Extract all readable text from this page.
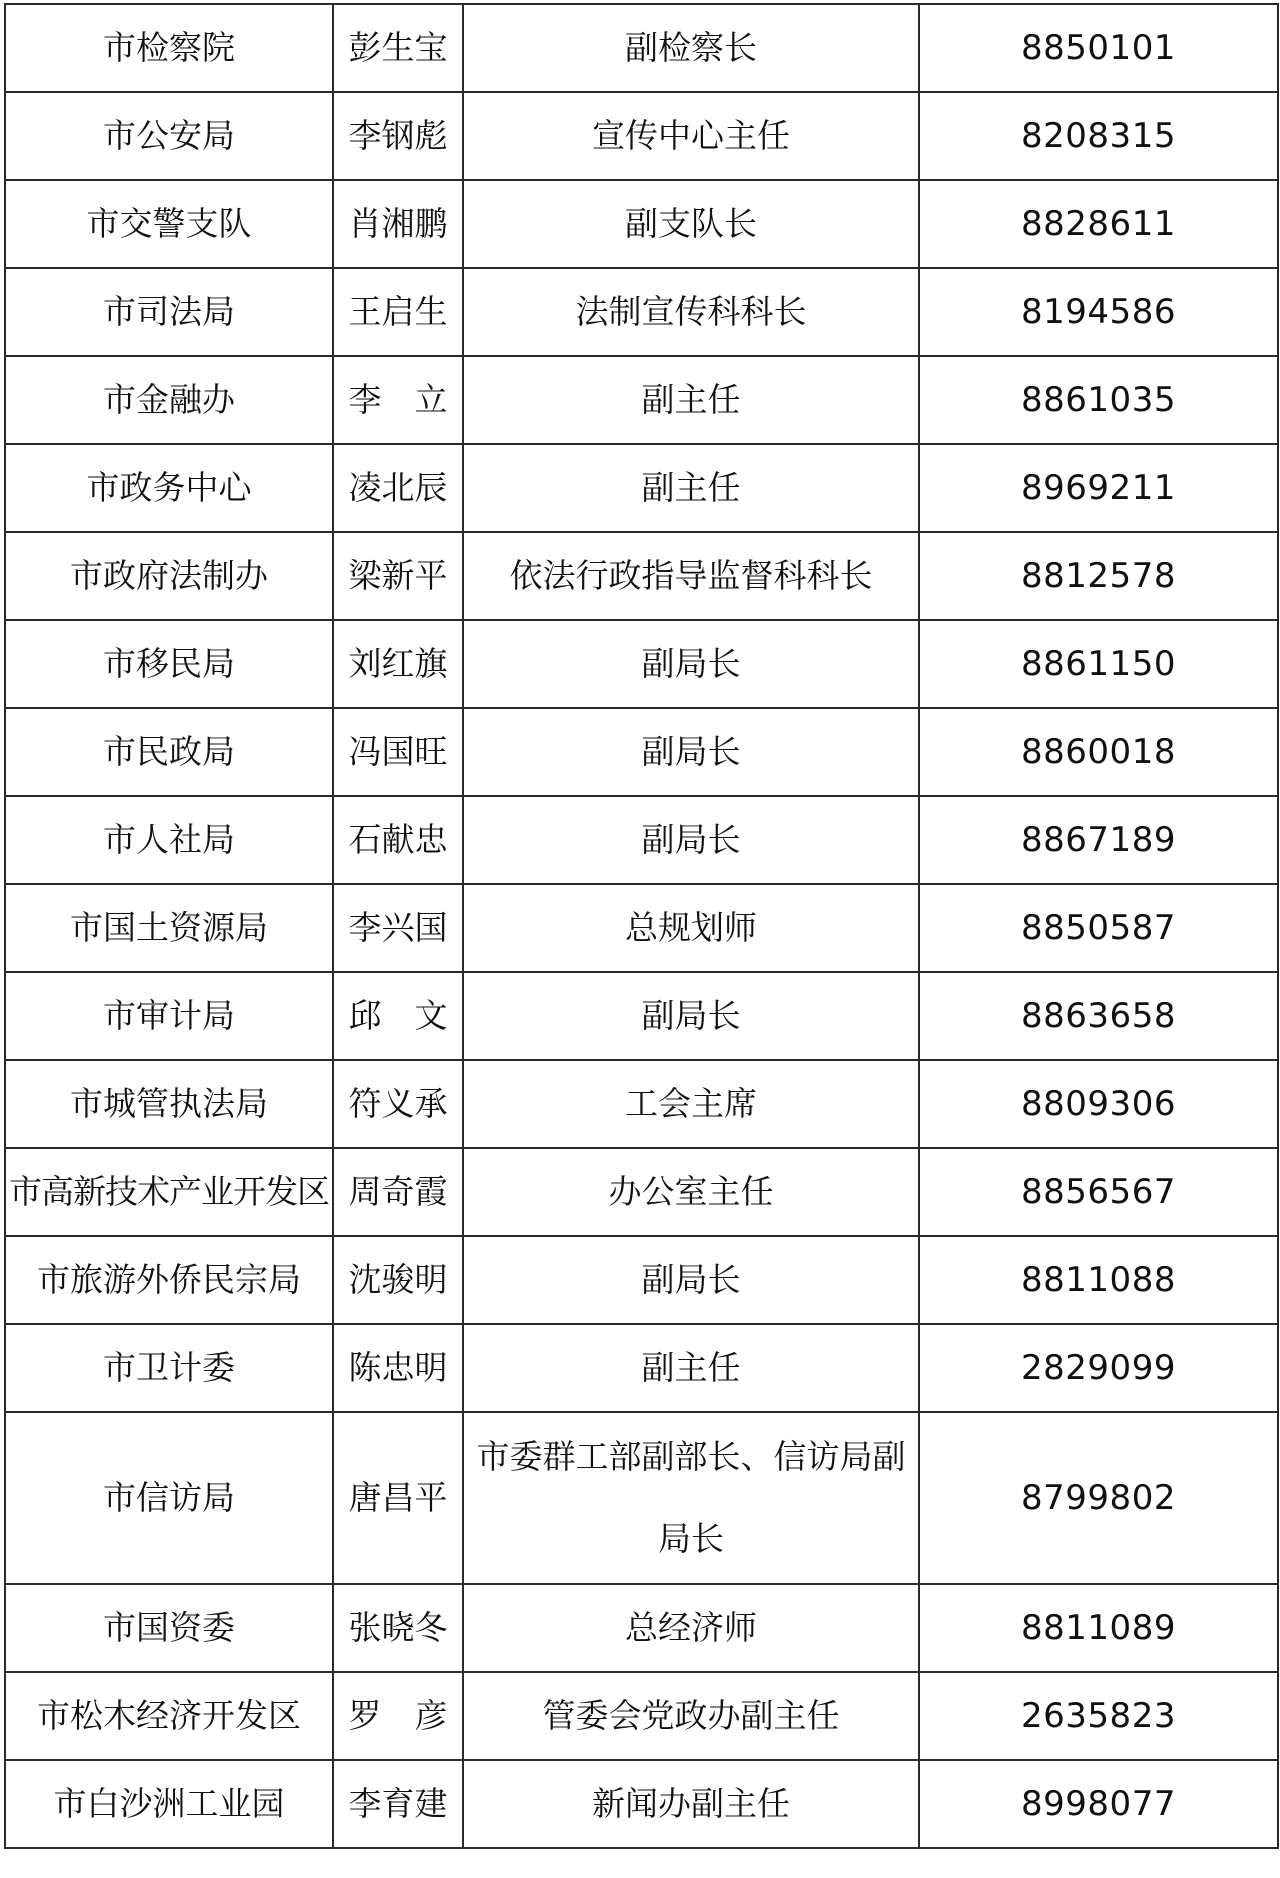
市检察院	彭生宝	副检察长	8850101
市公安局	李钢彪	宣传中心主任	8208315
市交警支队	肖湘鹏	副支队长	8828611
市司法局	王启生	法制宣传科科长	8194586
市金融办	李　立	副主任	8861035
市政务中心	凌北辰	副主任	8969211
市政府法制办	梁新平	依法行政指导监督科科长	8812578
市移民局	刘红旗	副局长	8861150
市民政局	冯国旺	副局长	8860018
市人社局	石献忠	副局长	8867189
市国土资源局	李兴国	总规划师	8850587
市审计局	邱　文	副局长	8863658
市城管执法局	符义承	工会主席	8809306
市高新技术产业开发区	周奇霞	办公室主任	8856567
市旅游外侨民宗局	沈骏明	副局长	8811088
市卫计委	陈忠明	副主任	2829099
市信访局	唐昌平	市委群工部副部长、信访局副局长	8799802
市国资委	张晓冬	总经济师	8811089
市松木经济开发区	罗　彦	管委会党政办副主任	2635823
市白沙洲工业园	李育建	新闻办副主任	8998077
